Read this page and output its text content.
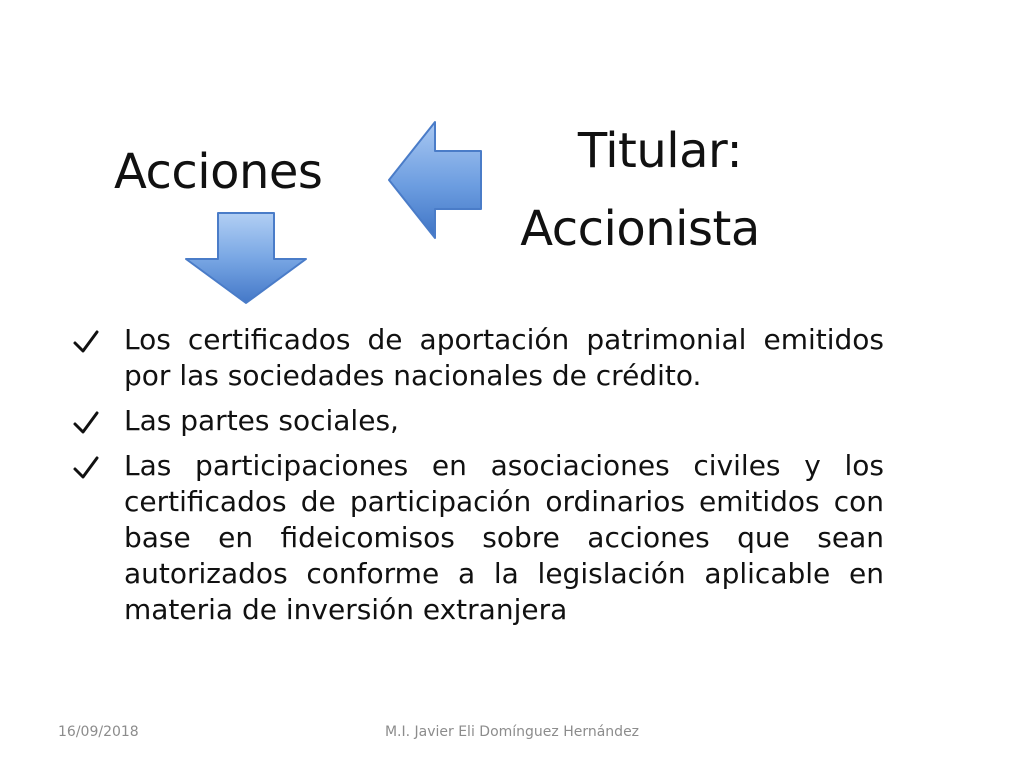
Acciones	Titular:
Accionista
Los certificados de aportación patrimonial emitidos por las sociedades nacionales de crédito.
Las partes sociales,
Las participaciones en asociaciones civiles y los certificados de participación ordinarios emitidos con base en fideicomisos sobre acciones que sean autorizados conforme a la legislación aplicable en materia de inversión extranjera
16/09/2018	M.I. Javier Eli Domínguez Hernández
